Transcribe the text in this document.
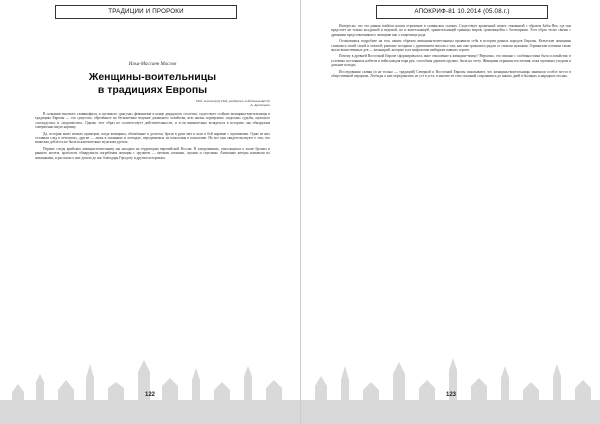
ТРАДИЦИИ И ПРОРОКИ
Ильи-Массанн Маслов
Женщины-воительницы
в традициях Европы
Поб, великие(сё) Поб, разберись лебедильныя(сё)!
А. Архипцкин

В сознании типового славянофила, и пугливого «рыгуна» феминизма в конце двадцатого столетия, существует стойкие женщины-воительницы в традициях Европы — это существо, обречённое на бесконечное ведение домашнего хозяйства, всю жизнь подвержено «юдолям» судьбы, мужского «поскудства» и «мздоимства». Однако этот образ не соответствует действительности, и если внимательно вглядеться в историю, мы обнаружим совершенно иную картину.

Да, история знает немало примеров, когда женщины, облачённые в доспехи, брали в руки меч и шли в бой наравне с мужчинами. Одни из них оставили след в летописях, другие — лишь в сказаниях и легендах, передаваемых из поколения в поколение. Но все они свидетельствуют о том, что воинская доблесть не была исключительно мужским уделом.

Первые следы арийских женщин-воительниц мы находим на территории европейской России. В захоронениях, относящихся к эпохе бронзы и раннего железа, археологи обнаружили погребения женщин с оружием — мечами, копьями, луками и стрелами. Античные авторы называли их амазонками, и рассказы о них дошли до нас благодаря Геродоту и другим историкам.

122
АПОКРИФ-81 10.2014 (05.08.г.)

Интересно, что эта давняя tradition нашла отражение в славянских сказках. Существует архаичный сюжет, связанный с образом Бабы-Яги, где она предстаёт не только колдуньей и ведьмой, но и воительницей, хранительницей границы миров, сражающейся с богатырями. Этот образ тесно связан с древними представлениями о женщине как о защитнице рода.

Остановимся подробнее на том, каким образом женщины-воительницы проявили себя в истории разных народов Европы. Кельтские женщины славились своей силой и отвагой; римские историки с удивлением писали о том, как они сражались рядом со своими мужьями. Германские племена также знали воинственных дев — валькирий, которые в их мифологии выбирали павших героев.

Почему в древней Восточной Европе сформировалось иное отношение к женщине-воину? Вероятно, это связано с особенностями быта и хозяйства: в условиях постоянных набегов и войн каждая пара рук, способная держать оружие, была на счету. Женщины охраняли поселения, пока мужчины уходили в дальние походы.

Исследования славян (и не только — традиций) Северной и Восточной Европы показывают, что женщины-воительницы занимали особое место в общественной иерархии. Легенды о них передавались из уст в уста, и многие из этих сказаний сохранились до наших дней в былинах и народных песнях.

123
